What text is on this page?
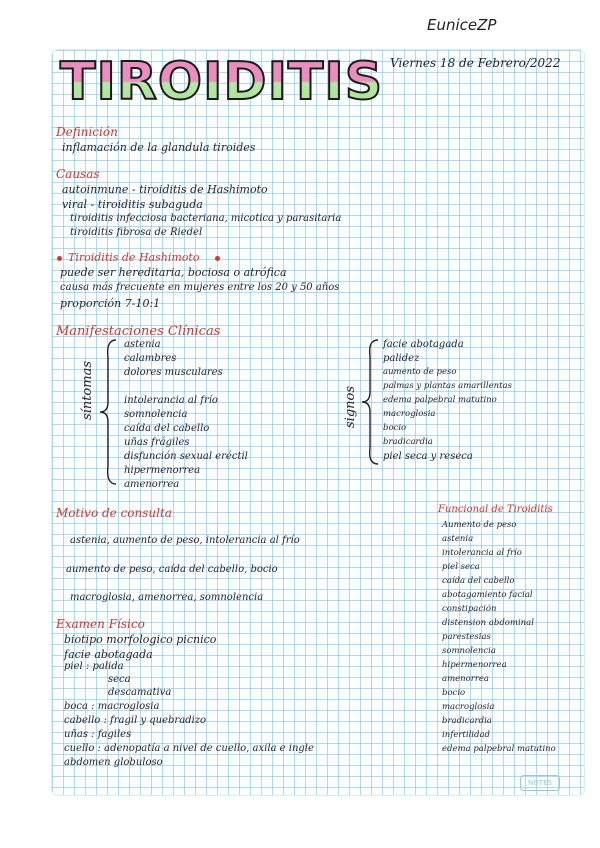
EuniceZP
Viernes 18 de Febrero/2022
TIROIDITIS
Definición
inflamación de la glandula tiroides
Causas
autoinmune - tiroiditis de Hashimoto
viral - tiroiditis subaguda
tiroiditis infecciosa bacteriana, micotica y parasitaria
tiroiditis fibrosa de Riedel
Tiroiditis de Hashimoto
puede ser hereditaria, bociosa o atrófica
causa más frecuente en mujeres entre los 20 y 50 años
proporción 7-10:1
Manifestaciones Clínicas
síntomas
astenia
calambres
dolores musculares
intolerancia al frío
somnolencia
caída del cabello
uñas frágiles
disfunción sexual eréctil
hipermenorrea
amenorrea
signos
facie abotagada
palidez
aumento de peso
palmas y plantas amarillentas
edema palpebral matutino
macroglosia
bocio
bradicardia
piel seca y reseca
Motivo de consulta
astenia, aumento de peso, intolerancia al frío
aumento de peso, caída del cabello, bocio
macroglosia, amenorrea, somnolencia
Examen Físico
biotipo morfologico picnico
facie abotagada
piel : palida
seca
descamativa
boca : macroglosia
cabello : fragil y quebradizo
uñas : fagiles
cuello : adenopatía a nivel de cuello, axila e ingle
abdomen globuloso
Funcional de Tiroiditis
Aumento de peso
astenia
intolerancia al frío
piel seca
caída del cabello
abotagamiento facial
constipación
distension abdominal
parestesias
somnolencia
hipermenorrea
amenorrea
bocio
macroglosia
bradicardia
infertilidad
edema palpebral matutino
NOTES
